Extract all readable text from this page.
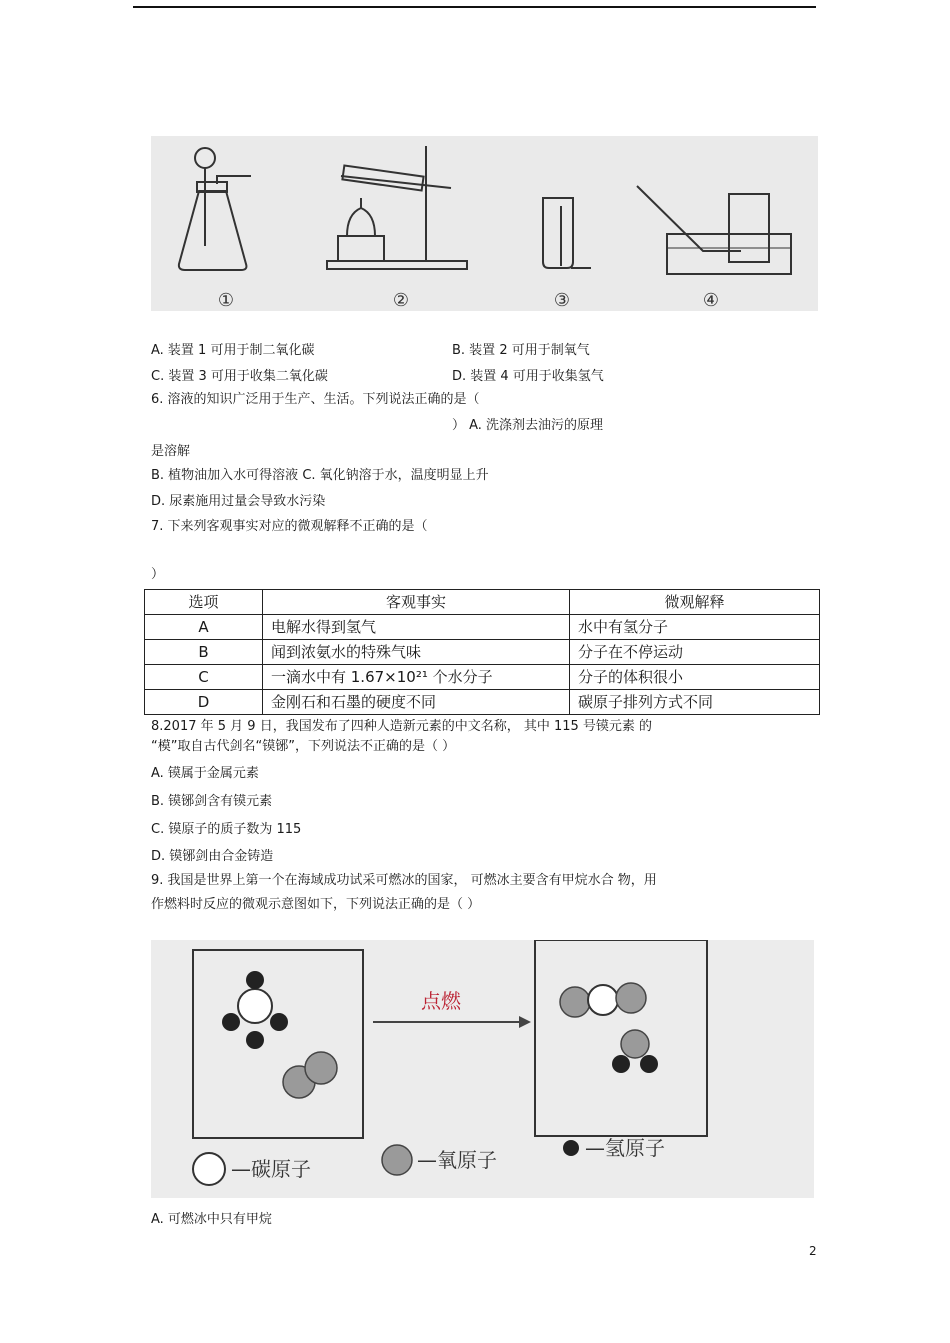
①	②	③	④
A. 装置 1 可用于制二氧化碳	B. 装置 2 可用于制氧气
C. 装置 3 可用于收集二氧化碳	D. 装置 4 可用于收集氢气
6. 溶液的知识广泛用于生产、生活。下列说法正确的是（
） A. 洗涤剂去油污的原理
是溶解
B. 植物油加入水可得溶液 C. 氧化钠溶于水，温度明显上升
D. 尿素施用过量会导致水污染
7. 下来列客观事实对应的微观解释不正确的是（
）
选项	客观事实	微观解释
A	电解水得到氢气	水中有氢分子
B	闻到浓氨水的特殊气味	分子在不停运动
C	一滴水中有 1.67×10²¹ 个水分子	分子的体积很小
D	金刚石和石墨的硬度不同	碳原子排列方式不同
8.2017 年 5 月 9 日，我国发布了四种人造新元素的中文名称， 其中 115 号镆元素 的
“模”取自古代剑名“镆铘”，下列说法不正确的是（ ）
A. 镆属于金属元素
B. 镆铘剑含有镆元素
C. 镆原子的质子数为 115
D. 镆铘剑由合金铸造
9. 我国是世界上第一个在海域成功试采可燃冰的国家， 可燃冰主要含有甲烷水合 物，用
作燃料时反应的微观示意图如下，下列说法正确的是（ ）
点燃
—碳原子	—氧原子	—氢原子
A. 可燃冰中只有甲烷
2
